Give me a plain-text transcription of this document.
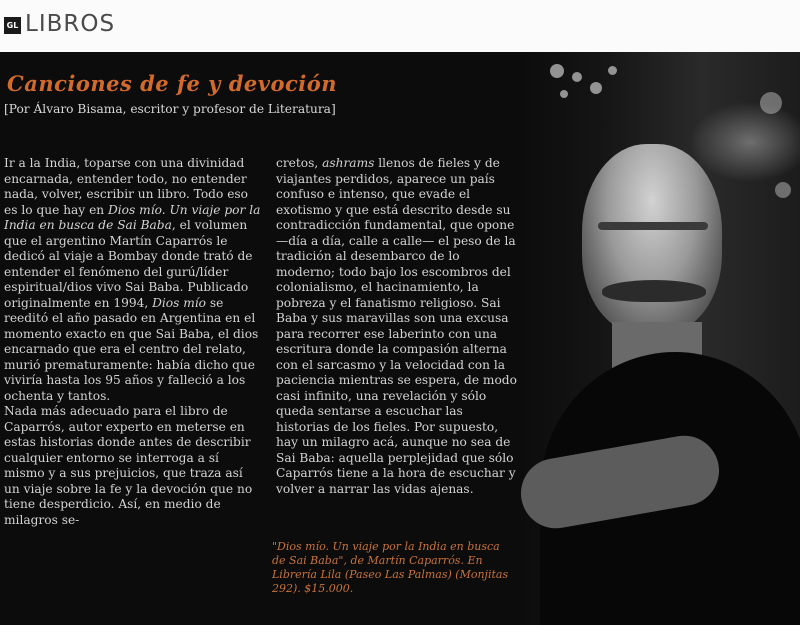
GL LIBROS
Canciones de fe y devoción
[Por Álvaro Bisama, escritor y profesor de Literatura]

Ir a la India, toparse con una divinidad encarnada, entender todo, no entender nada, volver, escribir un libro. Todo eso es lo que hay en Dios mío. Un viaje por la India en busca de Sai Baba, el volumen que el argentino Martín Caparrós le dedicó al viaje a Bombay donde trató de entender el fenómeno del gurú/líder espiritual/dios vivo Sai Baba. Publicado originalmente en 1994, Dios mío se reeditó el año pasado en Argentina en el momento exacto en que Sai Baba, el dios encarnado que era el centro del relato, murió prematuramente: había dicho que viviría hasta los 95 años y falleció a los ochenta y tantos.

Nada más adecuado para el libro de Caparrós, autor experto en meterse en estas historias donde antes de describir cualquier entorno se interroga a sí mismo y a sus prejuicios, que traza así un viaje sobre la fe y la devoción que no tiene desperdicio. Así, en medio de milagros se-

cretos, ashrams llenos de fieles y de viajantes perdidos, aparece un país confuso e intenso, que evade el exotismo y que está descrito desde su contradicción fundamental, que opone —día a día, calle a calle— el peso de la tradición al desembarco de lo moderno; todo bajo los escombros del colonialismo, el hacinamiento, la pobreza y el fanatismo religioso. Sai Baba y sus maravillas son una excusa para recorrer ese laberinto con una escritura donde la compasión alterna con el sarcasmo y la velocidad con la paciencia mientras se espera, de modo casi infinito, una revelación y sólo queda sentarse a escuchar las historias de los fieles. Por supuesto, hay un milagro acá, aunque no sea de Sai Baba: aquella perplejidad que sólo Caparrós tiene a la hora de escuchar y volver a narrar las vidas ajenas.

"Dios mío. Un viaje por la India en busca de Sai Baba", de Martín Caparrós. En Librería Lila (Paseo Las Palmas) (Monjitas 292). $15.000.
